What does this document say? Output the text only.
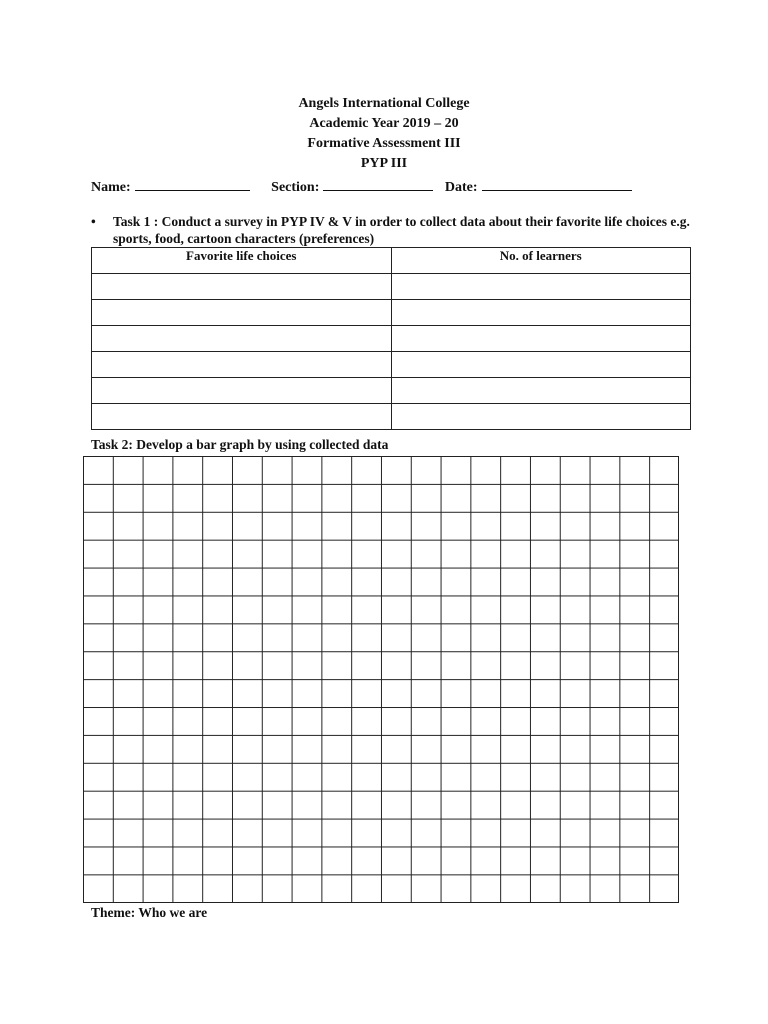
Angels International College
Academic Year 2019 – 20
Formative Assessment III
PYP III
Name:	Section:	Date:
• Task 1 : Conduct a survey in PYP IV & V in order to collect data about their favorite life choices e.g. sports, food, cartoon characters (preferences)
Favorite life choices	No. of learners

Task 2: Develop a bar graph by using collected data
Theme: Who we are
